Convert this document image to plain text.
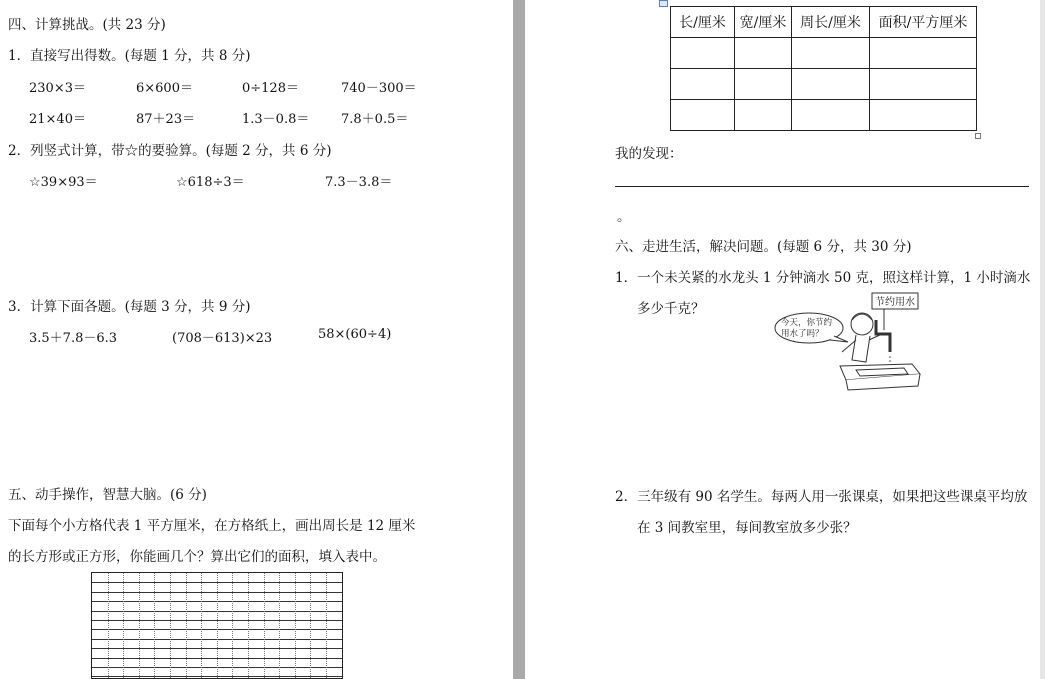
四、计算挑战。(共 23 分)
1．直接写出得数。(每题 1 分，共 8 分)
230×3＝	6×600＝	0÷128＝	740－300＝
21×40＝	87＋23＝	1.3－0.8＝ 7.8＋0.5＝
2．列竖式计算，带☆的要验算。(每题 2 分，共 6 分)
☆39×93＝	☆618÷3＝	7.3－3.8＝
3．计算下面各题。(每题 3 分，共 9 分)
3.5＋7.8－6.3	(708－613)×23	58×(60÷4)
五、动手操作，智慧大脑。(6 分)
下面每个小方格代表 1 平方厘米，在方格纸上，画出周长是 12 厘米
的长方形或正方形，你能画几个？算出它们的面积，填入表中。
长/厘米	宽/厘米	周长/厘米	面积/平方厘米

我的发现：
。
六、走进生活，解决问题。(每题 6 分，共 30 分)
1．一个未关紧的水龙头 1 分钟滴水 50 克，照这样计算，1 小时滴水
多少千克？	节约用水
今天，你节约
用水了吗？
2．三年级有 90 名学生。每两人用一张课桌，如果把这些课桌平均放
在 3 间教室里，每间教室放多少张？
